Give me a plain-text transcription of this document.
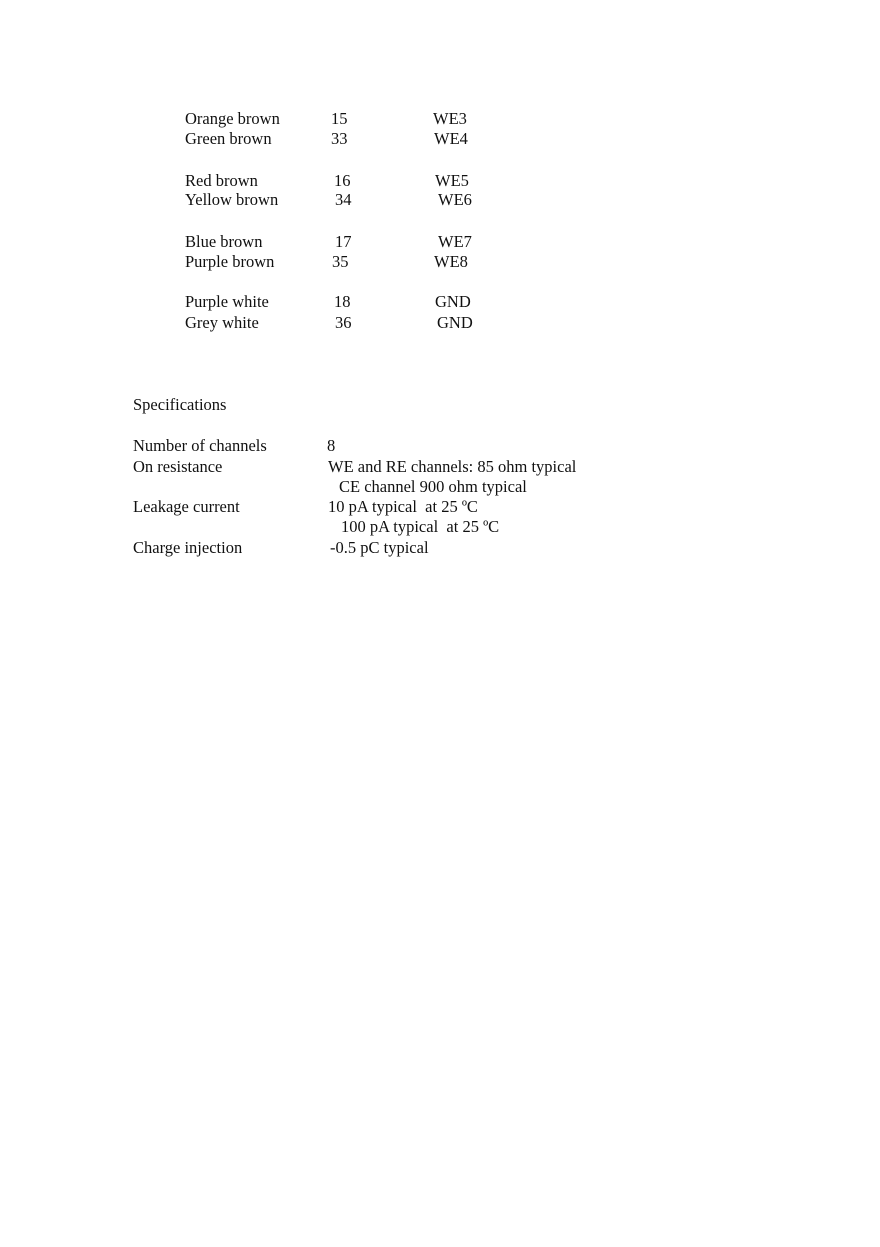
Orange brown	15	WE3
Green brown	33	WE4
Red brown	16	WE5
Yellow brown	34	WE6
Blue brown	17	WE7
Purple brown	35	WE8
Purple white	18	GND
Grey white	36	GND
Specifications
Number of channels	8
On resistance	WE and RE channels: 85 ohm typical
CE channel 900 ohm typical
Leakage current	10 pA typical  at 25 ºC
100 pA typical  at 25 ºC
Charge injection	-0.5 pC typical
